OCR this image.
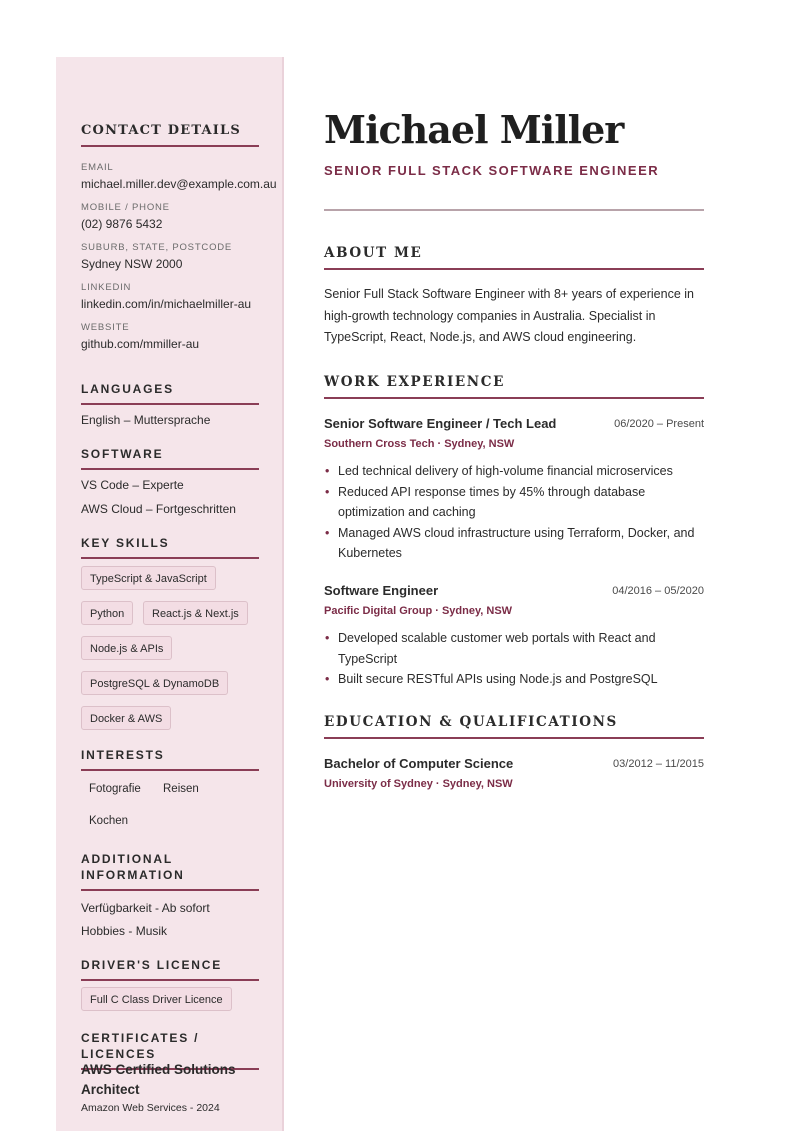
CONTACT DETAILS
EMAIL
michael.miller.dev@example.com.au
MOBILE / PHONE
(02) 9876 5432
SUBURB, STATE, POSTCODE
Sydney NSW 2000
LINKEDIN
linkedin.com/in/michaelmiller-au
WEBSITE
github.com/mmiller-au
LANGUAGES
English – Muttersprache
SOFTWARE
VS Code – Experte
AWS Cloud – Fortgeschritten
KEY SKILLS
TypeScript & JavaScript
Python	React.js & Next.js
Node.js & APIs
PostgreSQL & DynamoDB
Docker & AWS
INTERESTS
Fotografie Reisen
Kochen
ADDITIONAL
INFORMATION
Verfügbarkeit - Ab sofort
Hobbies - Musik
DRIVER'S LICENCE
Full C Class Driver Licence
CERTIFICATES / LICENCES
AWS Certified Solutions Architect
Amazon Web Services - 2024
Michael Miller
SENIOR FULL STACK SOFTWARE ENGINEER
ABOUT ME
Senior Full Stack Software Engineer with 8+ years of experience in high-growth technology companies in Australia. Specialist in TypeScript, React, Node.js, and AWS cloud engineering.
WORK EXPERIENCE
Senior Software Engineer / Tech Lead	06/2020 – Present
Southern Cross Tech · Sydney, NSW
• Led technical delivery of high-volume financial microservices
• Reduced API response times by 45% through database optimization and caching
• Managed AWS cloud infrastructure using Terraform, Docker, and Kubernetes
Software Engineer	04/2016 – 05/2020
Pacific Digital Group · Sydney, NSW
• Developed scalable customer web portals with React and TypeScript
• Built secure RESTful APIs using Node.js and PostgreSQL
EDUCATION & QUALIFICATIONS
Bachelor of Computer Science	03/2012 – 11/2015
University of Sydney · Sydney, NSW
